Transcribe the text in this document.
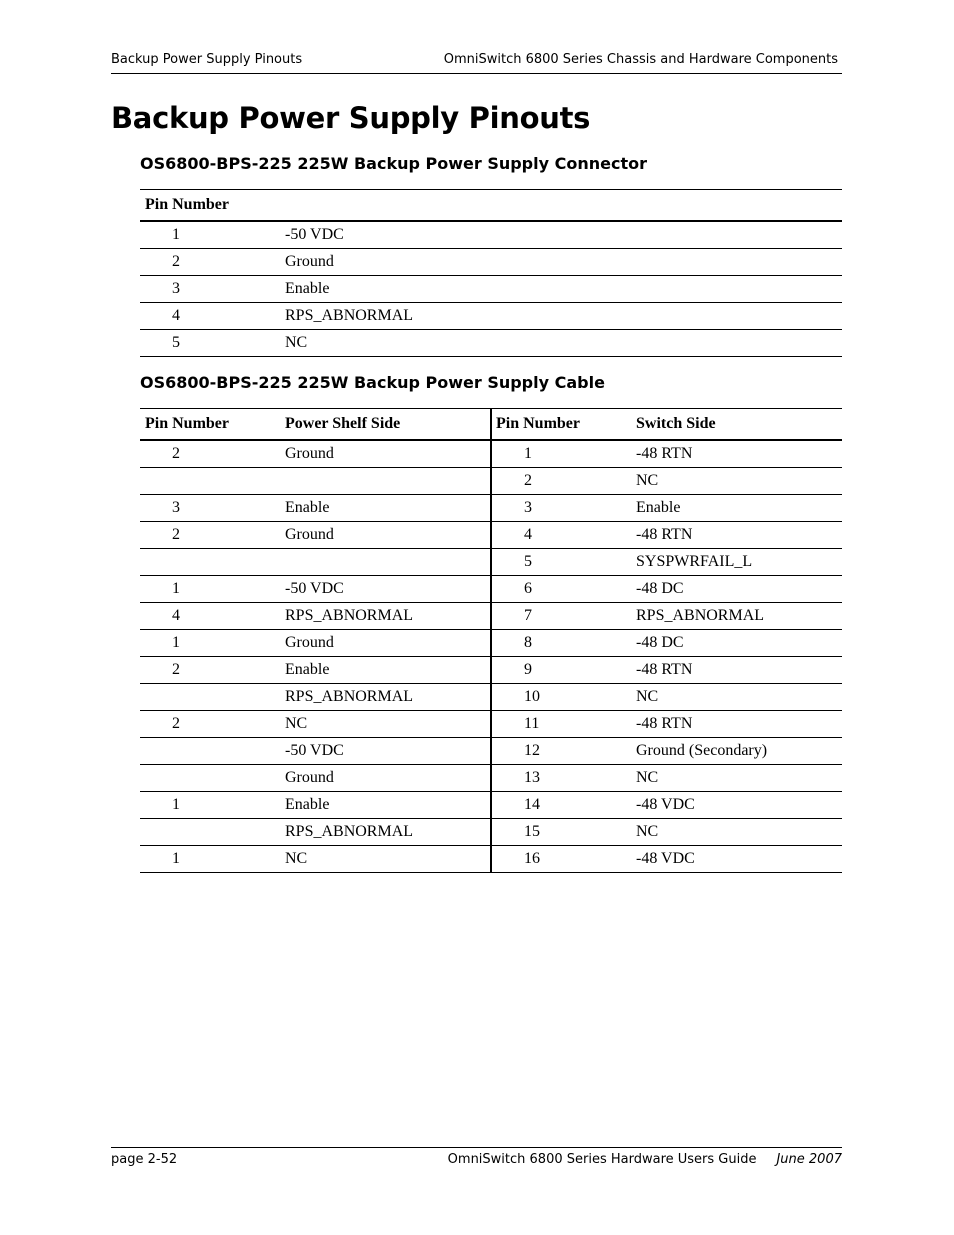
Backup Power Supply Pinouts	OmniSwitch 6800 Series Chassis and Hardware Components
Backup Power Supply Pinouts
OS6800-BPS-225 225W Backup Power Supply Connector
Pin Number	
1	-50 VDC
2	Ground
3	Enable
4	RPS_ABNORMAL
5	NC
OS6800-BPS-225 225W Backup Power Supply Cable
Pin Number	Power Shelf Side	Pin Number	Switch Side
2	Ground	1	-48 RTN
		2	NC
3	Enable	3	Enable
2	Ground	4	-48 RTN
		5	SYSPWRFAIL_L
1	-50 VDC	6	-48 DC
4	RPS_ABNORMAL	7	RPS_ABNORMAL
1	Ground	8	-48 DC
2	Enable	9	-48 RTN
	RPS_ABNORMAL	10	NC
2	NC	11	-48 RTN
	-50 VDC	12	Ground (Secondary)
	Ground	13	NC
1	Enable	14	-48 VDC
	RPS_ABNORMAL	15	NC
1	NC	16	-48 VDC
page 2-52	OmniSwitch 6800 Series Hardware Users Guide June 2007
